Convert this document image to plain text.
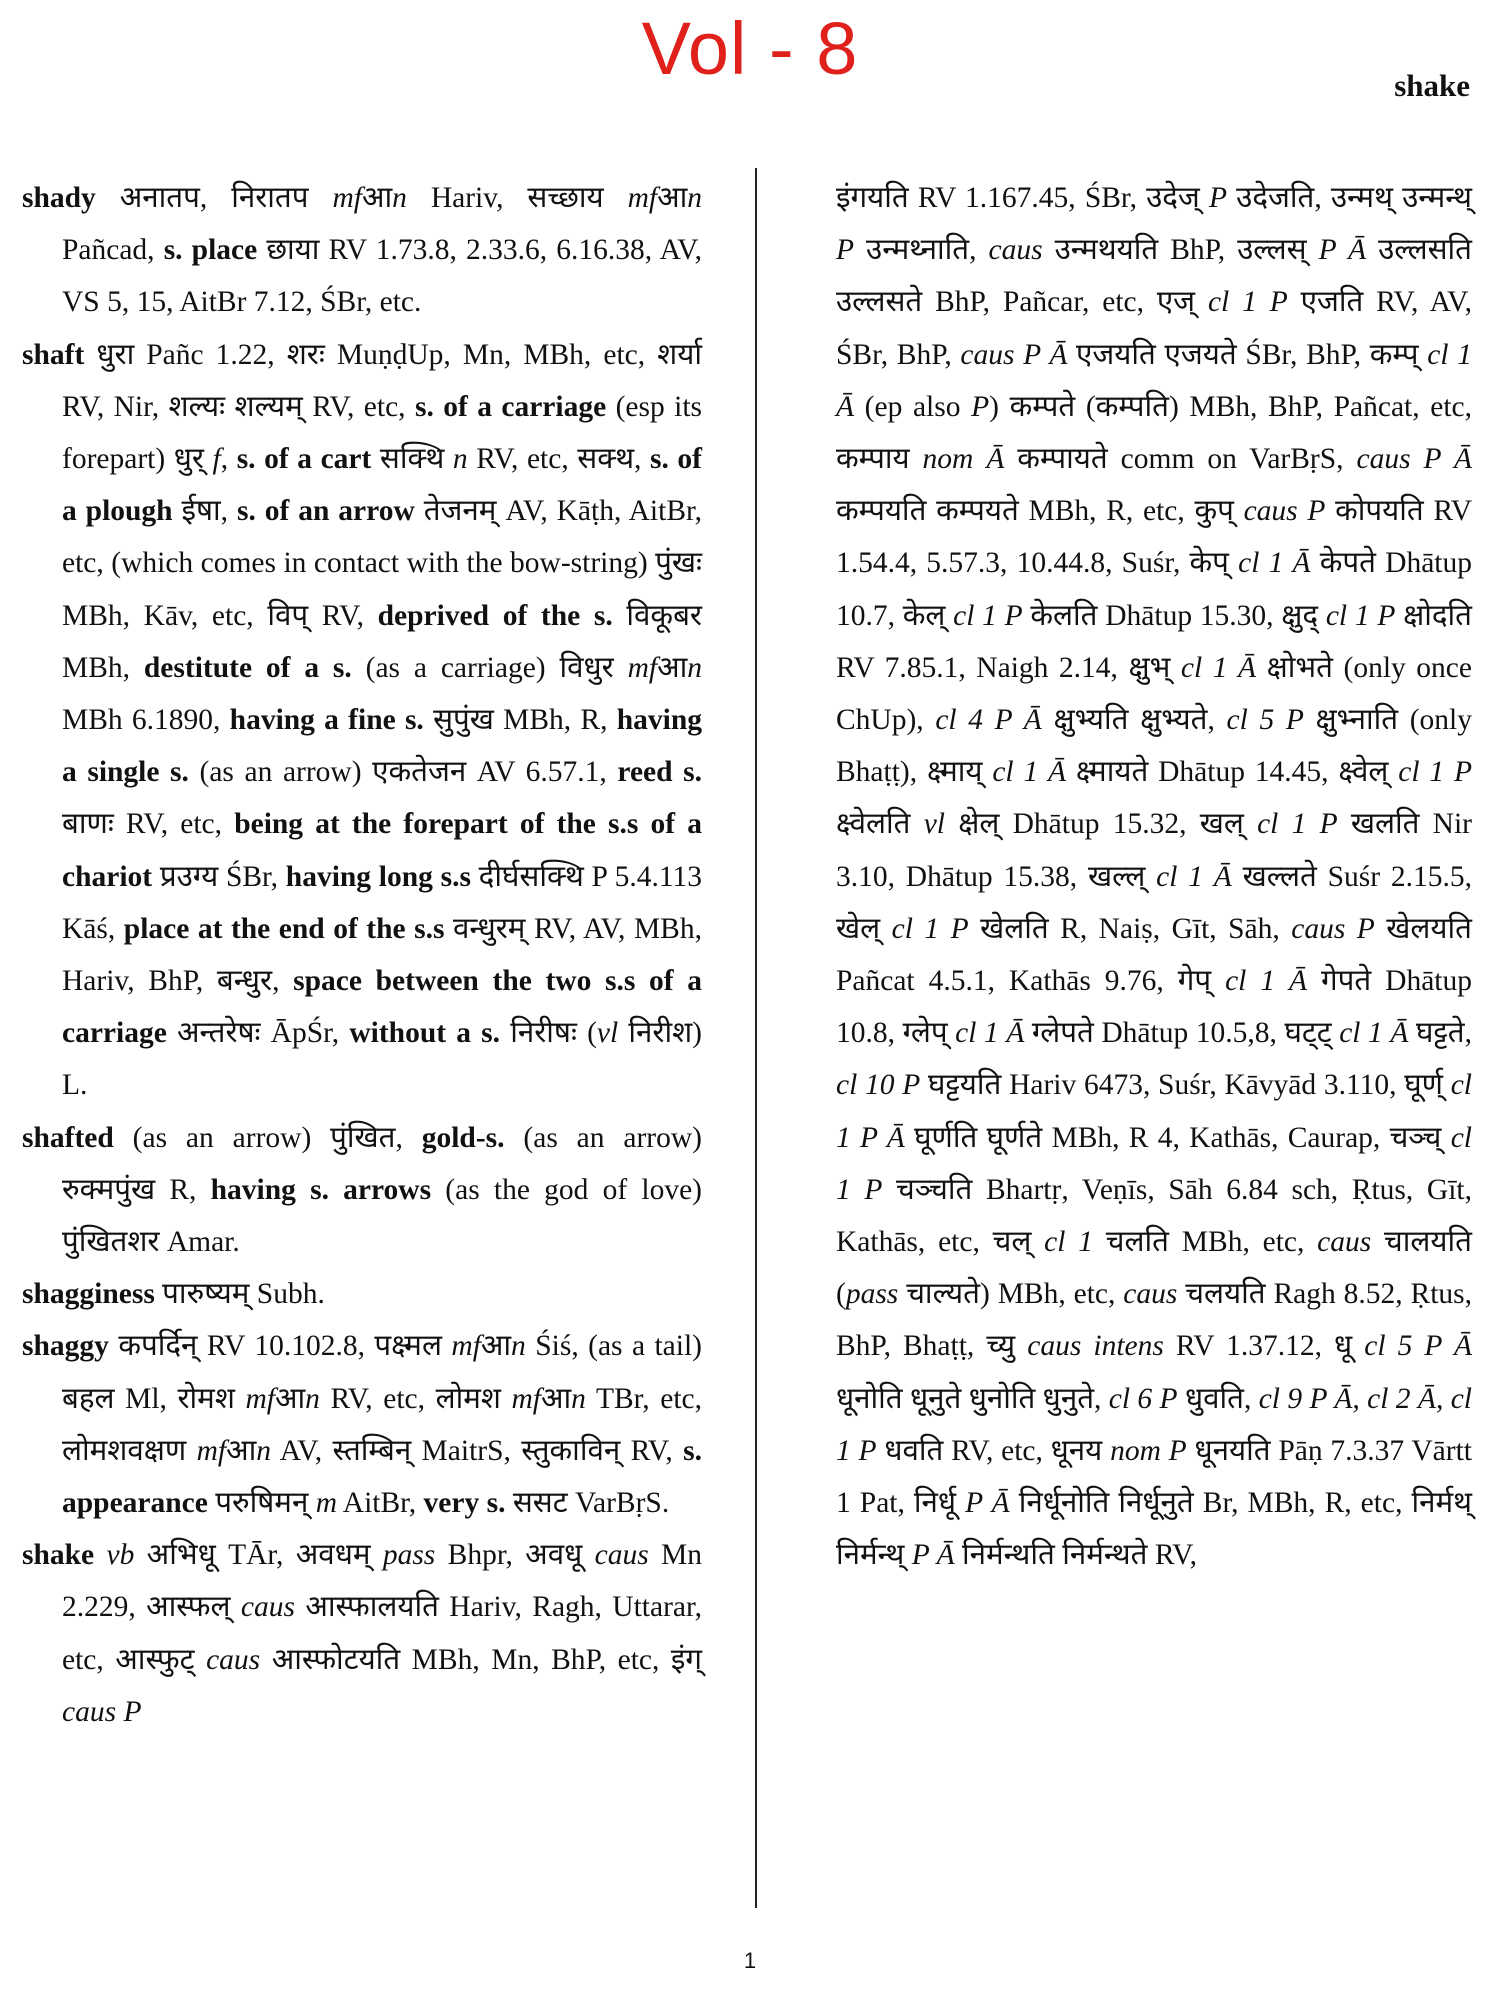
Vol - 8	shake

shady अनातप, निरातप mfआn Hariv, सच्छाय mfआn Pañcad, s. place छाया RV 1.73.8, 2.33.6, 6.16.38, AV, VS 5, 15, AitBr 7.12, ŚBr, etc.

shaft धुरा Pañc 1.22, शरः MuṇḍUp, Mn, MBh, etc, शर्या RV, Nir, शल्यः शल्यम् RV, etc, s. of a carriage (esp its forepart) धुर् f, s. of a cart सक्थि n RV, etc, सक्थ, s. of a plough ईषा, s. of an arrow तेजनम् AV, Kāṭh, AitBr, etc, (which comes in contact with the bow-string) पुंखः MBh, Kāv, etc, विप् RV, deprived of the s. विकूबर MBh, destitute of a s. (as a carriage) विधुर mfआn MBh 6.1890, having a fine s. सुपुंख MBh, R, having a single s. (as an arrow) एकतेजन AV 6.57.1, reed s. बाणः RV, etc, being at the forepart of the s.s of a chariot प्रउग्य ŚBr, having long s.s दीर्घसक्थि P 5.4.113 Kāś, place at the end of the s.s वन्धुरम् RV, AV, MBh, Hariv, BhP, बन्धुर, space between the two s.s of a carriage अन्तरेषः ĀpŚr, without a s. निरीषः (vl निरीश) L.

shafted (as an arrow) पुंखित, gold-s. (as an arrow) रुक्मपुंख R, having s. arrows (as the god of love) पुंखितशर Amar.

shagginess पारुष्यम् Subh.

shaggy कपर्दिन् RV 10.102.8, पक्ष्मल mfआn Śiś, (as a tail) बहल Ml, रोमश mfआn RV, etc, लोमश mfआn TBr, etc, लोमशवक्षण mfआn AV, स्तम्बिन् MaitrS, स्तुकाविन् RV, s. appearance परुषिमन् m AitBr, very s. ससट VarBṛS.

shake vb अभिधू TĀr, अवधम् pass Bhpr, अवधू caus Mn 2.229, आस्फल् caus आस्फालयति Hariv, Ragh, Uttarar, etc, आस्फुट् caus आस्फोटयति MBh, Mn, BhP, etc, इंग् caus P

इंगयति RV 1.167.45, ŚBr, उदेज् P उदेजति, उन्मथ् उन्मन्थ् P उन्मथ्नाति, caus उन्मथयति BhP, उल्लस् P Ā उल्लसति उल्लसते BhP, Pañcar, etc, एज् cl 1 P एजति RV, AV, ŚBr, BhP, caus P Ā एजयति एजयते ŚBr, BhP, कम्प् cl 1 Ā (ep also P) कम्पते (कम्पति) MBh, BhP, Pañcat, etc, कम्पाय nom Ā कम्पायते comm on VarBṛS, caus P Ā कम्पयति कम्पयते MBh, R, etc, कुप् caus P कोपयति RV 1.54.4, 5.57.3, 10.44.8, Suśr, केप् cl 1 Ā केपते Dhātup 10.7, केल् cl 1 P केलति Dhātup 15.30, क्षुद् cl 1 P क्षोदति RV 7.85.1, Naigh 2.14, क्षुभ् cl 1 Ā क्षोभते (only once ChUp), cl 4 P Ā क्षुभ्यति क्षुभ्यते, cl 5 P क्षुभ्नाति (only Bhaṭṭ), क्ष्माय् cl 1 Ā क्ष्मायते Dhātup 14.45, क्ष्वेल् cl 1 P क्ष्वेलति vl क्षेल् Dhātup 15.32, खल् cl 1 P खलति Nir 3.10, Dhātup 15.38, खल्ल् cl 1 Ā खल्लते Suśr 2.15.5, खेल् cl 1 P खेलति R, Naiṣ, Gīt, Sāh, caus P खेलयति Pañcat 4.5.1, Kathās 9.76, गेप् cl 1 Ā गेपते Dhātup 10.8, ग्लेप् cl 1 Ā ग्लेपते Dhātup 10.5,8, घट्ट् cl 1 Ā घट्टते, cl 10 P घट्टयति Hariv 6473, Suśr, Kāvyād 3.110, घूर्ण् cl 1 P Ā घूर्णति घूर्णते MBh, R 4, Kathās, Caurap, चञ्च् cl 1 P चञ्चति Bhartṛ, Veṇīs, Sāh 6.84 sch, Ṛtus, Gīt, Kathās, etc, चल् cl 1 चलति MBh, etc, caus चालयति (pass चाल्यते) MBh, etc, caus चलयति Ragh 8.52, Ṛtus, BhP, Bhaṭṭ, च्यु caus intens RV 1.37.12, धू cl 5 P Ā धूनोति धूनुते धुनोति धुनुते, cl 6 P धुवति, cl 9 P Ā, cl 2 Ā, cl 1 P धवति RV, etc, धूनय nom P धूनयति Pāṇ 7.3.37 Vārtt 1 Pat, निर्धू P Ā निर्धूनोति निर्धूनुते Br, MBh, R, etc, निर्मथ् निर्मन्थ् P Ā निर्मन्थति निर्मन्थते RV,

1
